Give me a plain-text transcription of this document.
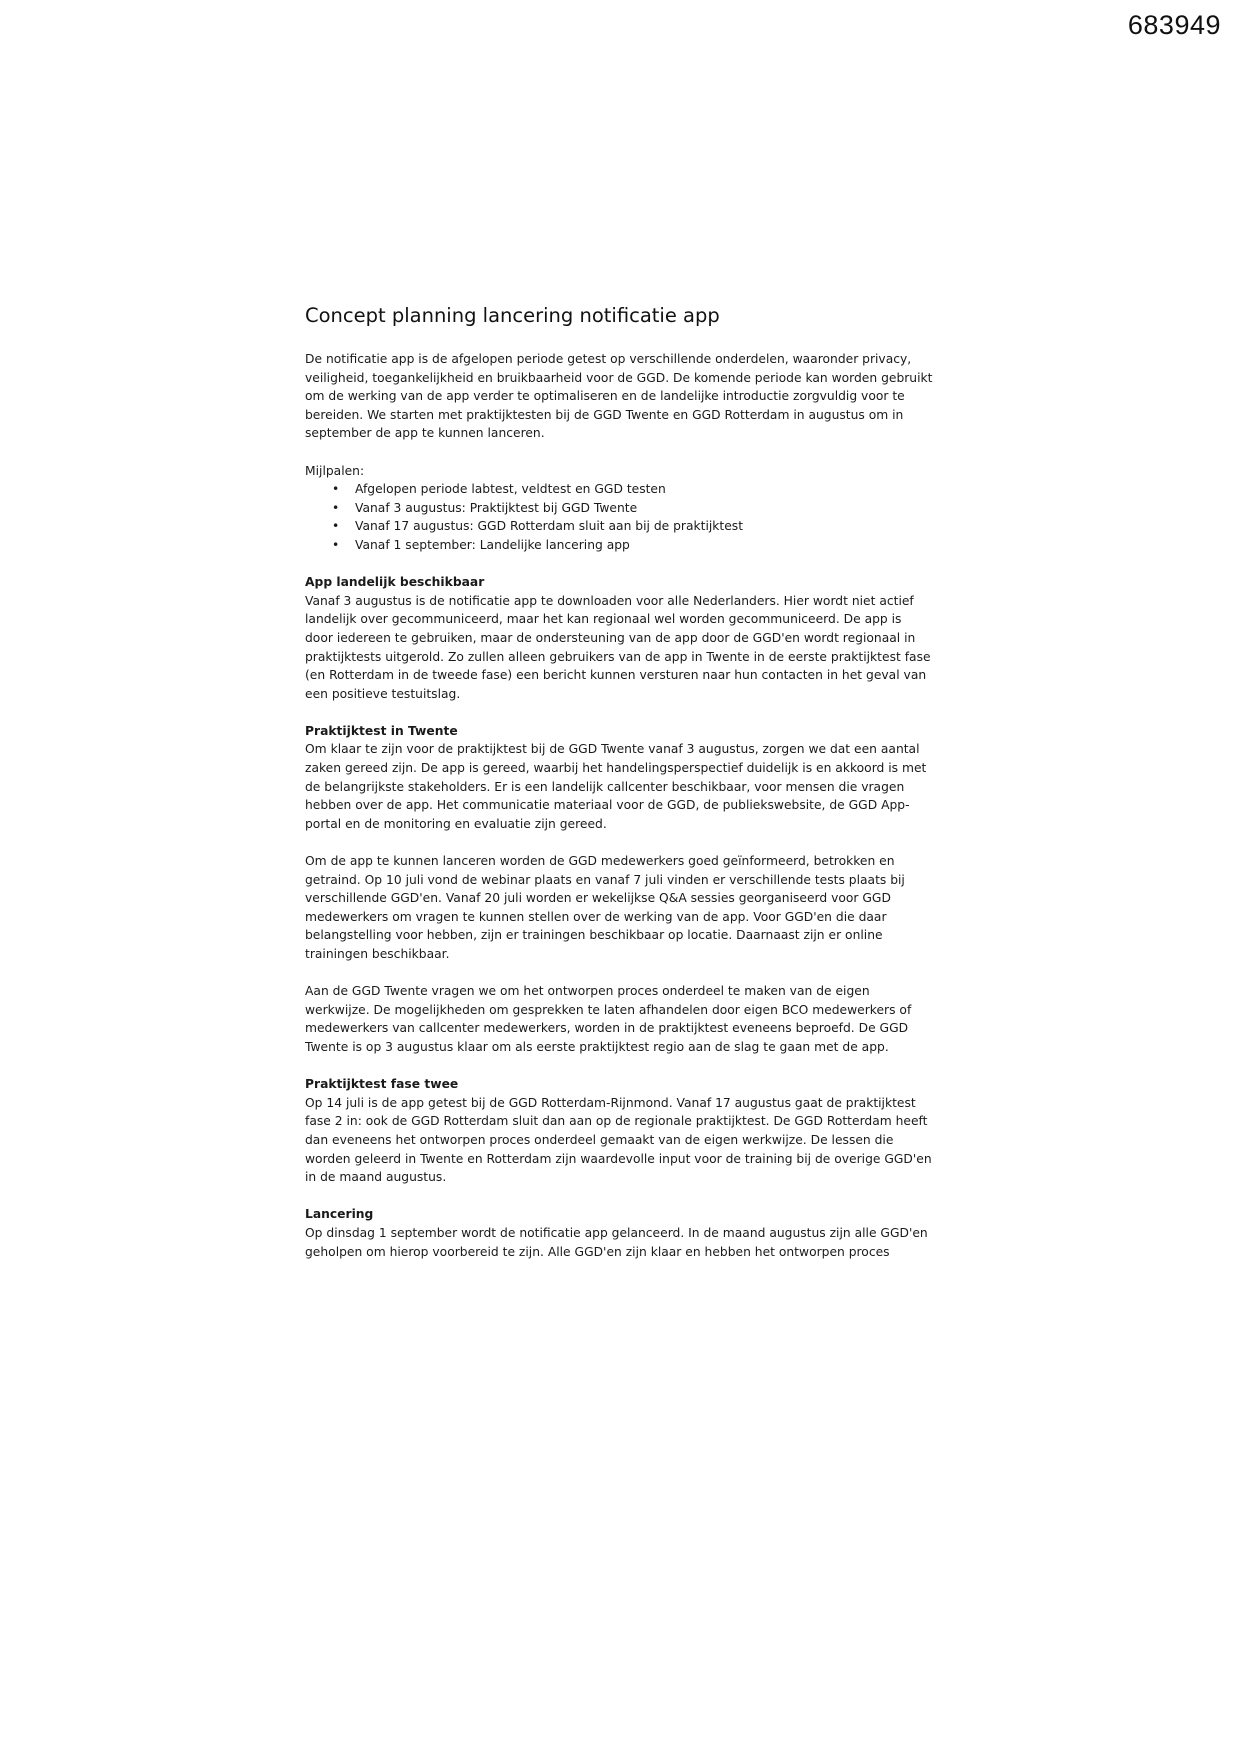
683949
Concept planning lancering notificatie app

De notificatie app is de afgelopen periode getest op verschillende onderdelen, waaronder privacy, veiligheid, toegankelijkheid en bruikbaarheid voor de GGD. De komende periode kan worden gebruikt om de werking van de app verder te optimaliseren en de landelijke introductie zorgvuldig voor te bereiden. We starten met praktijktesten bij de GGD Twente en GGD Rotterdam in augustus om in september de app te kunnen lanceren.

Mijlpalen:

• Afgelopen periode labtest, veldtest en GGD testen
• Vanaf 3 augustus: Praktijktest bij GGD Twente
• Vanaf 17 augustus: GGD Rotterdam sluit aan bij de praktijktest
• Vanaf 1 september: Landelijke lancering app

App landelijk beschikbaar

Vanaf 3 augustus is de notificatie app te downloaden voor alle Nederlanders. Hier wordt niet actief landelijk over gecommuniceerd, maar het kan regionaal wel worden gecommuniceerd. De app is door iedereen te gebruiken, maar de ondersteuning van de app door de GGD'en wordt regionaal in praktijktests uitgerold. Zo zullen alleen gebruikers van de app in Twente in de eerste praktijktest fase (en Rotterdam in de tweede fase) een bericht kunnen versturen naar hun contacten in het geval van een positieve testuitslag.

Praktijktest in Twente

Om klaar te zijn voor de praktijktest bij de GGD Twente vanaf 3 augustus, zorgen we dat een aantal zaken gereed zijn. De app is gereed, waarbij het handelingsperspectief duidelijk is en akkoord is met de belangrijkste stakeholders. Er is een landelijk callcenter beschikbaar, voor mensen die vragen hebben over de app. Het communicatie materiaal voor de GGD, de publiekswebsite, de GGD App-portal en de monitoring en evaluatie zijn gereed.

Om de app te kunnen lanceren worden de GGD medewerkers goed geïnformeerd, betrokken en getraind. Op 10 juli vond de webinar plaats en vanaf 7 juli vinden er verschillende tests plaats bij verschillende GGD'en. Vanaf 20 juli worden er wekelijkse Q&A sessies georganiseerd voor GGD medewerkers om vragen te kunnen stellen over de werking van de app. Voor GGD'en die daar belangstelling voor hebben, zijn er trainingen beschikbaar op locatie. Daarnaast zijn er online trainingen beschikbaar.

Aan de GGD Twente vragen we om het ontworpen proces onderdeel te maken van de eigen werkwijze. De mogelijkheden om gesprekken te laten afhandelen door eigen BCO medewerkers of medewerkers van callcenter medewerkers, worden in de praktijktest eveneens beproefd. De GGD Twente is op 3 augustus klaar om als eerste praktijktest regio aan de slag te gaan met de app.

Praktijktest fase twee

Op 14 juli is de app getest bij de GGD Rotterdam-Rijnmond. Vanaf 17 augustus gaat de praktijktest fase 2 in: ook de GGD Rotterdam sluit dan aan op de regionale praktijktest. De GGD Rotterdam heeft dan eveneens het ontworpen proces onderdeel gemaakt van de eigen werkwijze. De lessen die worden geleerd in Twente en Rotterdam zijn waardevolle input voor de training bij de overige GGD'en in de maand augustus.

Lancering

Op dinsdag 1 september wordt de notificatie app gelanceerd. In de maand augustus zijn alle GGD'en geholpen om hierop voorbereid te zijn. Alle GGD'en zijn klaar en hebben het ontworpen proces
